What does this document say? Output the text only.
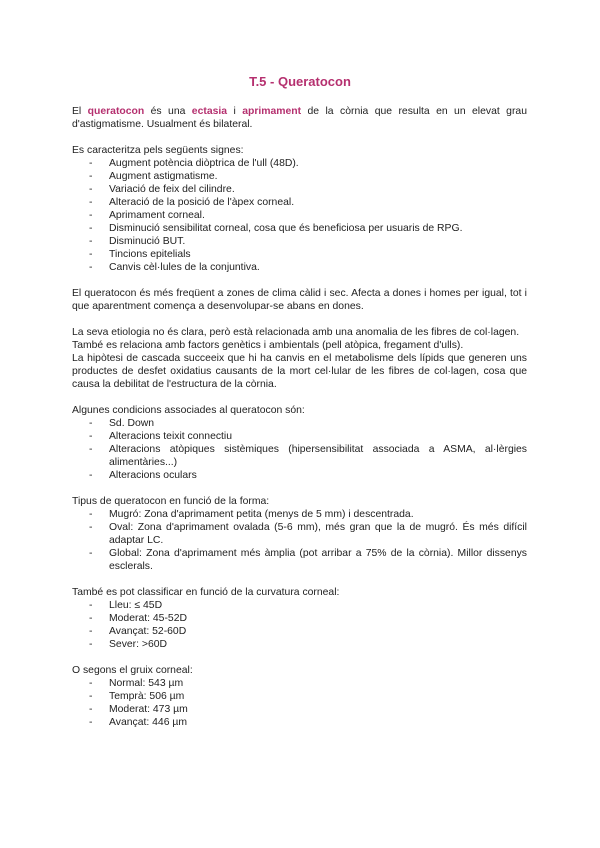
T.5 - Queratocon

El queratocon és una ectasia i aprimament de la còrnia que resulta en un elevat grau d'astigmatisme. Usualment és bilateral.

Es caracteritza pels següents signes:

- Augment potència diòptrica de l'ull (48D).
- Augment astigmatisme.
- Variació de feix del cilindre.
- Alteració de la posició de l'àpex corneal.
- Aprimament corneal.
- Disminució sensibilitat corneal, cosa que és beneficiosa per usuaris de RPG.
- Disminució BUT.
- Tincions epitelials
- Canvis cèl·lules de la conjuntiva.

El queratocon és més freqüent a zones de clima càlid i sec. Afecta a dones i homes per igual, tot i que aparentment comença a desenvolupar-se abans en dones.

La seva etiologia no és clara, però està relacionada amb una anomalia de les fibres de col·lagen.

També es relaciona amb factors genètics i ambientals (pell atòpica, fregament d'ulls).

La hipòtesi de cascada succeeix que hi ha canvis en el metabolisme dels lípids que generen uns productes de desfet oxidatius causants de la mort cel·lular de les fibres de col·lagen, cosa que causa la debilitat de l'estructura de la còrnia.

Algunes condicions associades al queratocon són:

- Sd. Down
- Alteracions teixit connectiu
- Alteracions atòpiques sistèmiques (hipersensibilitat associada a ASMA, al·lèrgies alimentàries...)
- Alteracions oculars

Tipus de queratocon en funció de la forma:

- Mugró: Zona d'aprimament petita (menys de 5 mm) i descentrada.
- Oval: Zona d'aprimament ovalada (5-6 mm), més gran que la de mugró. És més difícil adaptar LC.
- Global: Zona d'aprimament més àmplia (pot arribar a 75% de la còrnia). Millor dissenys esclerals.

També es pot classificar en funció de la curvatura corneal:

- Lleu: ≤ 45D
- Moderat: 45-52D
- Avançat: 52-60D
- Sever: >60D

O segons el gruix corneal:

- Normal: 543 µm
- Temprà: 506 µm
- Moderat: 473 µm
- Avançat: 446 µm
